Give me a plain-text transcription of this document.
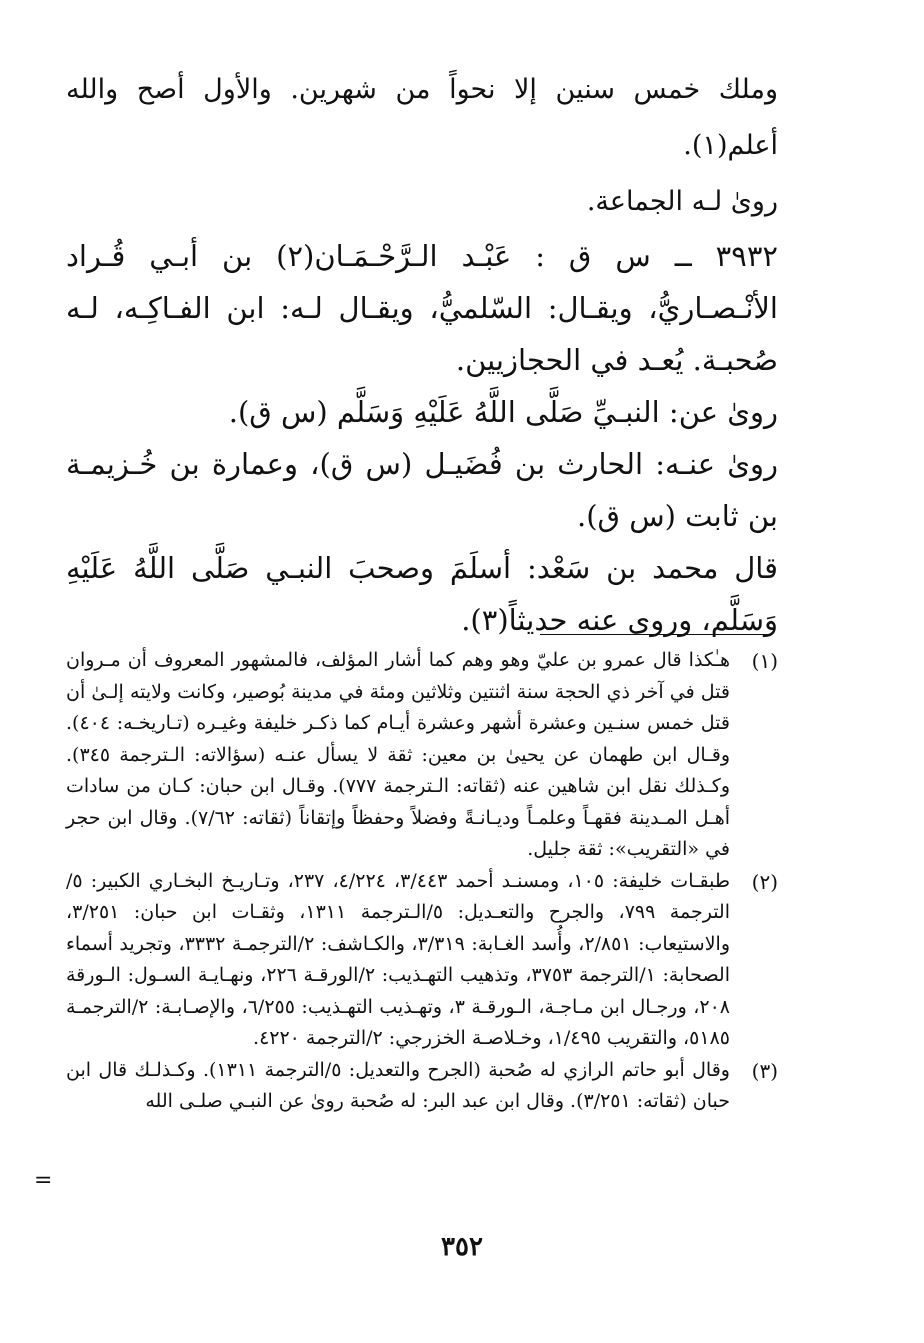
وملك خمس سنين إلا نحواً من شهرين. والأول أصح والله أعلم(١).

روىٰ لـه الجماعة.

٣٩٣٢ ــ س ق : عَبْـد الـرَّحْـمَـان(٢) بن أبـي قُـراد الأنْـصـاريُّ، ويقـال: السّلميُّ، ويقـال لـه: ابن الفـاكِـه، لـه صُحبـة. يُعـد في الحجازيين.

روىٰ عن: النبـيِّ صَلَّى اللَّهُ عَلَيْهِ وَسَلَّم (س ق).

روىٰ عنـه: الحارث بن فُضَيـل (س ق)، وعمارة بن خُـزيمـة بن ثابت (س ق).

قال محمد بن سَعْد: أسلَمَ وصحبَ النبـي صَلَّى اللَّهُ عَلَيْهِ وَسَلَّم، وروى عنه حديثاً(٣).

(١)

هـٰكذا قال عمرو بن عليّ وهو وهم كما أشار المؤلف، فالمشهور المعروف أن مـروان قتل في آخر ذي الحجة سنة اثنتين وثلاثين ومئة في مدينة بُوصير، وكانت ولايته إلـىٰ أن قتل خمس سنـين وعشرة أشهر وعشرة أيـام كما ذكـر خليفة وغيـره (تـاريخـه: ٤٠٤). وقـال ابن طهمان عن يحيىٰ بن معين: ثقة لا يسأل عنـه (سؤالاته: الـترجمة ٣٤٥). وكـذلك نقل ابن شاهين عنه (ثقاته: الـترجمة ٧٧٧). وقـال ابن حبان: كـان من سادات أهـل المـدينة فقهـاً وعلمـاً وديـانـةً وفضلاً وحفظاً وإتقاناً (ثقاته: ٧/٦٢). وقال ابن حجر في «التقريب»: ثقة جليل.

(٢)

طبقـات خليفة: ١٠٥، ومسنـد أحمد ٣/٤٤٣، ٤/٢٢٤، ٢٣٧، وتـاريـخ البخـاري الكبير: ٥/الترجمة ٧٩٩، والجرح والتعـديل: ٥/الـترجمة ١٣١١، وثقـات ابن حبان: ٣/٢٥١، والاستيعاب: ٢/٨٥١، وأُسد الغـابة: ٣/٣١٩، والكـاشف: ٢/الترجمـة ٣٣٣٢، وتجريد أسماء الصحابة: ١/الترجمة ٣٧٥٣، وتذهيب التهـذيب: ٢/الورقـة ٢٢٦، ونهـايـة السـول: الـورقة ٢٠٨، ورجـال ابن مـاجـة، الـورقـة ٣، وتهـذيب التهـذيب: ٦/٢٥٥، والإصـابـة: ٢/الترجمـة ٥١٨٥، والتقريب ١/٤٩٥، وخـلاصـة الخزرجي: ٢/الترجمة ٤٢٢٠.

(٣)

وقال أبو حاتم الرازي له صُحبة (الجرح والتعديل: ٥/الترجمة ١٣١١). وكـذلـك قال ابن حبان (ثقاته: ٣/٢٥١). وقال ابن عبد البر: له صُحبة روىٰ عن النبـي صلـى الله

=
٣٥٢
